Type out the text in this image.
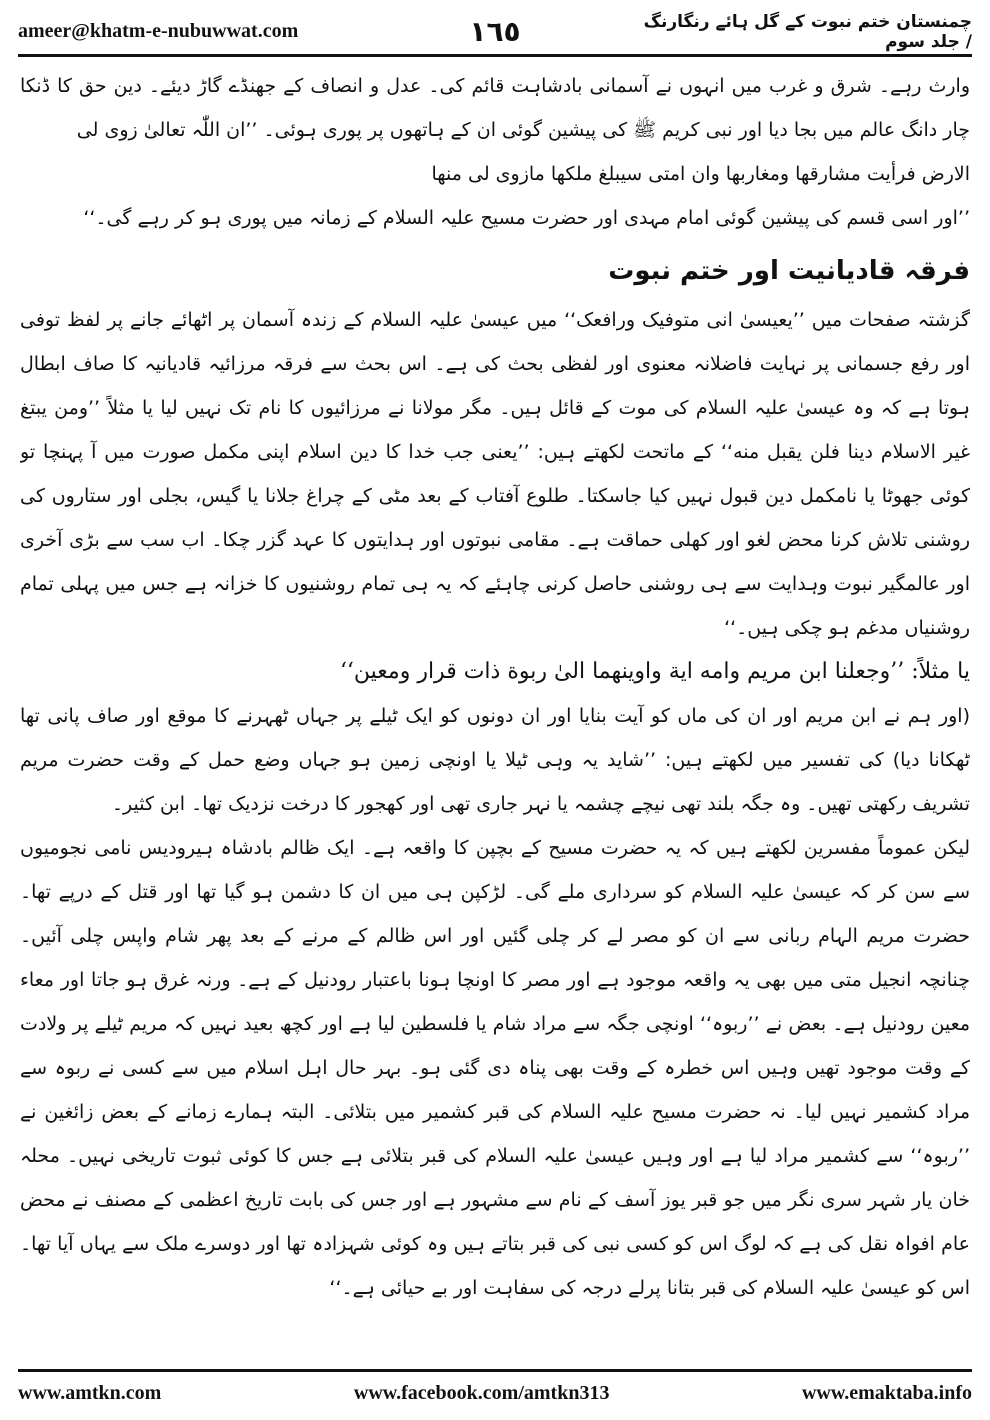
ameer@khatm-e-nubuwwat.com	١٦٥	چمنستان ختم نبوت کے گل ہائے رنگارنگ / جلد سوم

وارث رہے۔ شرق و غرب میں انہوں نے آسمانی بادشاہت قائم کی۔ عدل و انصاف کے جھنڈے گاڑ دیئے۔ دین حق کا ڈنکا چار دانگ عالم میں بجا دیا اور نبی کریم ﷺ کی پیشین گوئی ان کے ہاتھوں پر پوری ہوئی۔ ’’ان اللّٰہ تعالیٰ زوی لی

الارض فرأیت مشارقها ومغاربها وان امتی سیبلغ ملکها مازوی لی منها

’’اور اسی قسم کی پیشین گوئی امام مہدی اور حضرت مسیح علیہ السلام کے زمانہ میں پوری ہو کر رہے گی۔‘‘

فرقہ قادیانیت اور ختم نبوت

گزشتہ صفحات میں ’’یعیسیٰ انی متوفیک ورافعک‘‘ میں عیسیٰ علیہ السلام کے زندہ آسمان پر اٹھائے جانے پر لفظ توفی اور رفع جسمانی پر نہایت فاضلانہ معنوی اور لفظی بحث کی ہے۔ اس بحث سے فرقہ مرزائیہ قادیانیہ کا صاف ابطال ہوتا ہے کہ وہ عیسیٰ علیہ السلام کی موت کے قائل ہیں۔ مگر مولانا نے مرزائیوں کا نام تک نہیں لیا یا مثلاً ’’ومن یبتغ غیر الاسلام دینا فلن یقبل منه‘‘ کے ماتحت لکھتے ہیں: ’’یعنی جب خدا کا دین اسلام اپنی مکمل صورت میں آ پہنچا تو کوئی جھوٹا یا نامکمل دین قبول نہیں کیا جاسکتا۔ طلوع آفتاب کے بعد مٹی کے چراغ جلانا یا گیس، بجلی اور ستاروں کی روشنی تلاش کرنا محض لغو اور کھلی حماقت ہے۔ مقامی نبوتوں اور ہدایتوں کا عہد گزر چکا۔ اب سب سے بڑی آخری اور عالمگیر نبوت وہدایت سے ہی روشنی حاصل کرنی چاہئے کہ یہ ہی تمام روشنیوں کا خزانہ ہے جس میں پہلی تمام روشنیاں مدغم ہو چکی ہیں۔‘‘

یا مثلاً: ’’وجعلنا ابن مریم وامه ایة واوینهما الیٰ ربوة ذات قرار ومعین‘‘

(اور ہم نے ابن مریم اور ان کی ماں کو آیت بنایا اور ان دونوں کو ایک ٹیلے پر جہاں ٹھہرنے کا موقع اور صاف پانی تھا ٹھکانا دیا) کی تفسیر میں لکھتے ہیں: ’’شاید یہ وہی ٹیلا یا اونچی زمین ہو جہاں وضع حمل کے وقت حضرت مریم تشریف رکھتی تھیں۔ وہ جگہ بلند تھی نیچے چشمہ یا نہر جاری تھی اور کھجور کا درخت نزدیک تھا۔ ابن کثیر۔

لیکن عموماً مفسرین لکھتے ہیں کہ یہ حضرت مسیح کے بچپن کا واقعہ ہے۔ ایک ظالم بادشاہ ہیرودیس نامی نجومیوں سے سن کر کہ عیسیٰ علیہ السلام کو سرداری ملے گی۔ لڑکپن ہی میں ان کا دشمن ہو گیا تھا اور قتل کے درپے تھا۔ حضرت مریم الہام ربانی سے ان کو مصر لے کر چلی گئیں اور اس ظالم کے مرنے کے بعد پھر شام واپس چلی آئیں۔ چنانچہ انجیل متی میں بھی یہ واقعہ موجود ہے اور مصر کا اونچا ہونا باعتبار رودنیل کے ہے۔ ورنہ غرق ہو جاتا اور معاء معین رودنیل ہے۔ بعض نے ’’ربوہ‘‘ اونچی جگہ سے مراد شام یا فلسطین لیا ہے اور کچھ بعید نہیں کہ مریم ٹیلے پر ولادت کے وقت موجود تھیں وہیں اس خطرہ کے وقت بھی پناہ دی گئی ہو۔ بہر حال اہل اسلام میں سے کسی نے ربوہ سے مراد کشمیر نہیں لیا۔ نہ حضرت مسیح علیہ السلام کی قبر کشمیر میں بتلائی۔ البتہ ہمارے زمانے کے بعض زائغین نے ’’ربوہ‘‘ سے کشمیر مراد لیا ہے اور وہیں عیسیٰ علیہ السلام کی قبر بتلائی ہے جس کا کوئی ثبوت تاریخی نہیں۔ محلہ خان یار شہر سری نگر میں جو قبر یوز آسف کے نام سے مشہور ہے اور جس کی بابت تاریخ اعظمی کے مصنف نے محض عام افواہ نقل کی ہے کہ لوگ اس کو کسی نبی کی قبر بتاتے ہیں وہ کوئی شہزادہ تھا اور دوسرے ملک سے یہاں آیا تھا۔ اس کو عیسیٰ علیہ السلام کی قبر بتانا پرلے درجہ کی سفاہت اور بے حیائی ہے۔‘‘

www.amtkn.com	www.facebook.com/amtkn313	www.emaktaba.info
